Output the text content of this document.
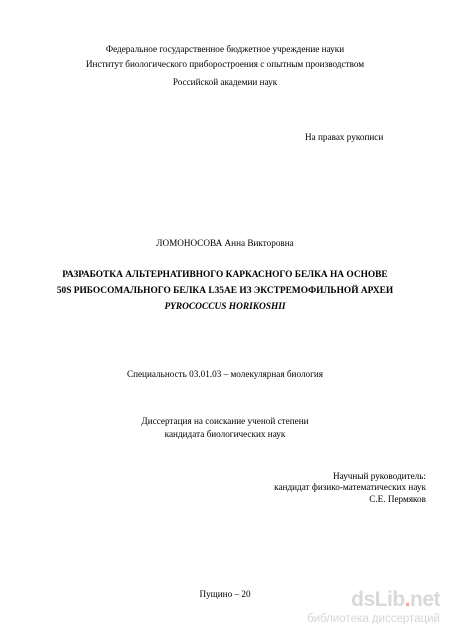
Федеральное государственное бюджетное учреждение науки
Институт биологического приборостроения с опытным производством
Российской академии наук
На правах рукописи
ЛОМОНОСОВА Анна Викторовна
РАЗРАБОТКА АЛЬТЕРНАТИВНОГО КАРКАСНОГО БЕЛКА НА ОСНОВЕ
50S РИБОСОМАЛЬНОГО БЕЛКА L35AE ИЗ ЭКСТРЕМОФИЛЬНОЙ АРХЕИ
PYROCOCCUS HORIKOSHII
Специальность 03.01.03 – молекулярная биология
Диссертация на соискание ученой степени
кандидата биологических наук
Научный руководитель:
кандидат физико-математических наук
С.Е. Пермяков
Пущино – 20	dsLib.net
библиотека диссертаций
